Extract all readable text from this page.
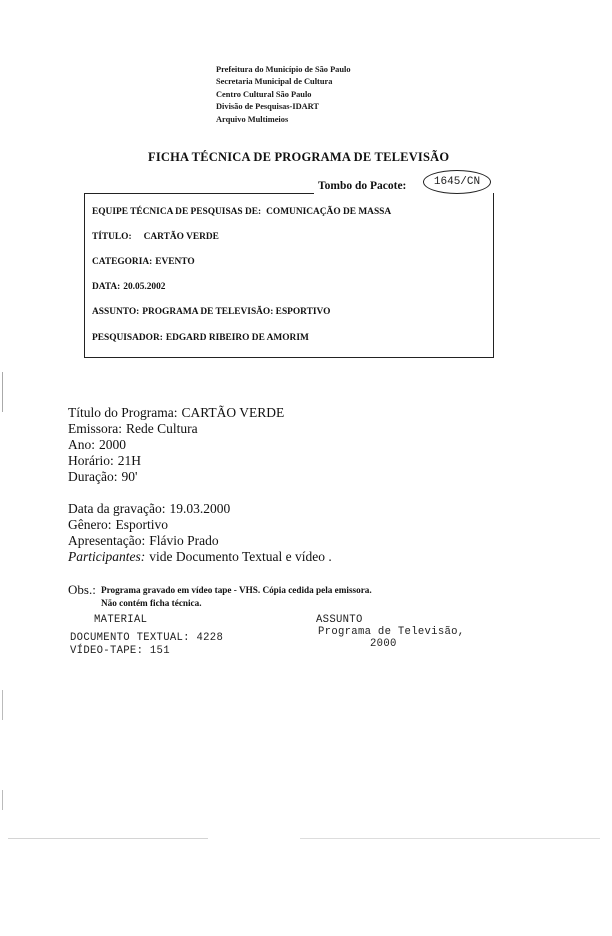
Prefeitura do Município de São Paulo
Secretaria Municipal de Cultura
Centro Cultural São Paulo
Divisão de Pesquisas-IDART
Arquivo Multimeios
FICHA TÉCNICA DE PROGRAMA DE TELEVISÃO
Tombo do Pacote:	1645/CN
EQUIPE TÉCNICA DE PESQUISAS DE: COMUNICAÇÃO DE MASSA
TÍTULO: CARTÃO VERDE
CATEGORIA: EVENTO
DATA: 20.05.2002
ASSUNTO: PROGRAMA DE TELEVISÃO: ESPORTIVO
PESQUISADOR: EDGARD RIBEIRO DE AMORIM
Título do Programa: CARTÃO VERDE
Emissora: Rede Cultura
Ano: 2000
Horário: 21H
Duração: 90'
Data da gravação: 19.03.2000
Gênero: Esportivo
Apresentação: Flávio Prado
Participantes: vide Documento Textual e vídeo .
Obs.: Programa gravado em vídeo tape - VHS. Cópia cedida pela emissora.
Não contém ficha técnica.
MATERIAL	ASSUNTO
DOCUMENTO TEXTUAL: 4228
VÍDEO-TAPE: 151
Programa de Televisão,
2000
